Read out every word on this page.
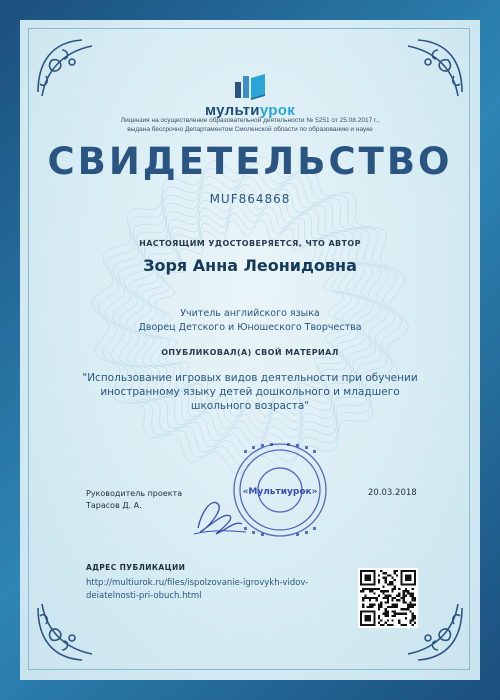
мультиурок
Лицензия на осуществление образовательной деятельности № 5251 от 25.08.2017 г.,
выдана бессрочно Департаментом Смоленской области по образованию и науке
СВИДЕТЕЛЬСТВО
MUF864868
НАСТОЯЩИМ УДОСТОВЕРЯЕТСЯ, ЧТО АВТОР
Зоря Анна Леонидовна
Учитель английского языка
Дворец Детского и Юношеского Творчества
ОПУБЛИКОВАЛ(А) СВОЙ МАТЕРИАЛ
"Использование игровых видов деятельности при обучении иностранному языку детей дошкольного и младшего школьного возраста"
«Мультиурок»
Руководитель проекта
Тарасов Д. А.
20.03.2018
АДРЕС ПУБЛИКАЦИИ
http://multiurok.ru/files/ispolzovanie-igrovykh-vidov-
deiatelnosti-pri-obuch.html
